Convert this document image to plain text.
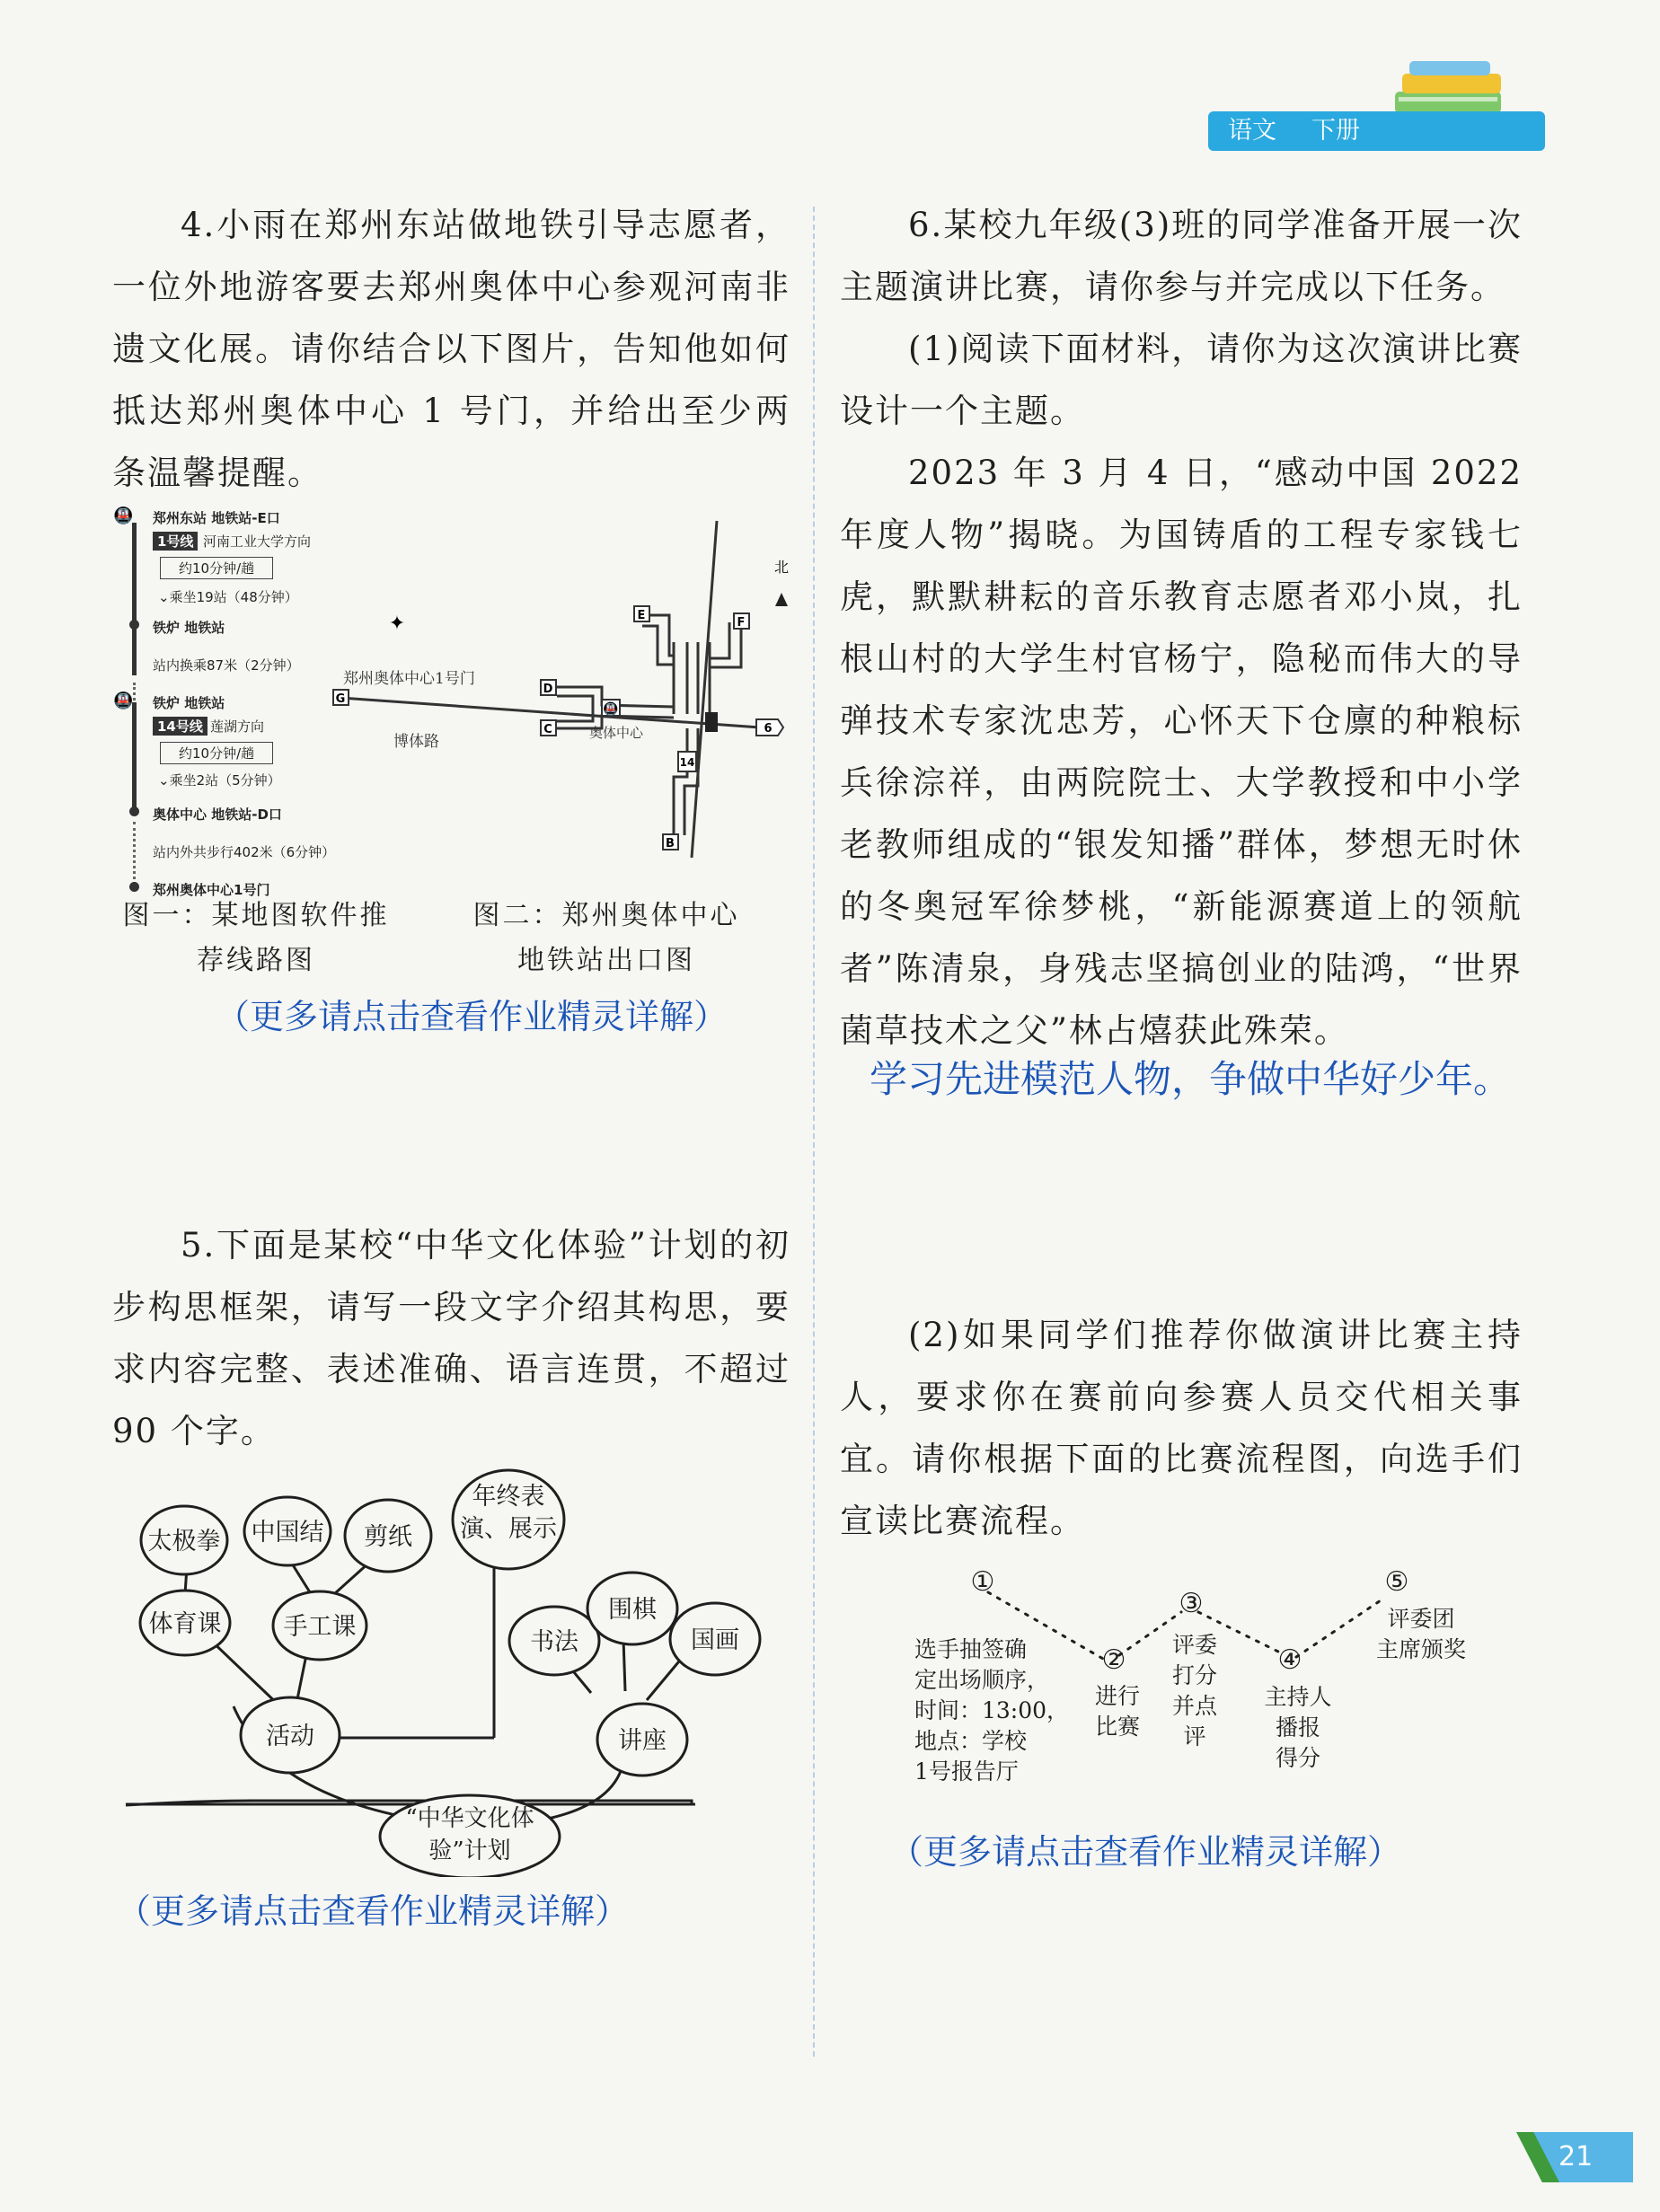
语文 下册

4.小雨在郑州东站做地铁引导志愿者，一位外地游客要去郑州奥体中心参观河南非遗文化展。请你结合以下图片，告知他如何抵达郑州奥体中心 1 号门，并给出至少两条温馨提醒。

🚇 郑州东站 地铁站-E口
1号线 河南工业大学方向
约10分钟/趟
⌄乘坐19站（48分钟）
铁炉 地铁站
站内换乘87米（2分钟）
🚇 铁炉 地铁站
14号线 莲湖方向
约10分钟/趟
⌄乘坐2站（5分钟）
奥体中心 地铁站-D口
站内外共步行402米（6分钟）
郑州奥体中心1号门
北
✦
郑州奥体中心1号门
博体路	奥体中心
🚇
E
F
D
C
B
G
6
14
图一：某地图软件推荐线路图
图二：郑州奥体中心地铁站出口图
（更多请点击查看作业精灵详解）

5.下面是某校“中华文化体验”计划的初步构思框架，请写一段文字介绍其构思，要求内容完整、表述准确、语言连贯，不超过 90 个字。

太极拳 中国结 剪纸
年终表演、展示
体育课	手工课
活动
书法
围棋
国画
讲座
“中华文化体验”计划
（更多请点击查看作业精灵详解）

6.某校九年级(3)班的同学准备开展一次主题演讲比赛，请你参与并完成以下任务。

(1)阅读下面材料，请你为这次演讲比赛设计一个主题。

2023 年 3 月 4 日，“感动中国 2022 年度人物”揭晓。为国铸盾的工程专家钱七虎，默默耕耘的音乐教育志愿者邓小岚，扎根山村的大学生村官杨宁，隐秘而伟大的导弹技术专家沈忠芳，心怀天下仓廪的种粮标兵徐淙祥，由两院院士、大学教授和中小学老教师组成的“银发知播”群体，梦想无时休的冬奥冠军徐梦桃，“新能源赛道上的领航者”陈清泉，身残志坚搞创业的陆鸿，“世界菌草技术之父”林占熺获此殊荣。

学习先进模范人物，争做中华好少年。

(2)如果同学们推荐你做演讲比赛主持人，要求你在赛前向参赛人员交代相关事宜。请你根据下面的比赛流程图，向选手们宣读比赛流程。

①
②
③
④
⑤
选手抽签确
定出场顺序，
时间：13:00，
地点：学校
1号报告厅
进行
比赛
评委
打分
并点
评
主持人
播报
得分
评委团
主席颁奖
（更多请点击查看作业精灵详解）
21
